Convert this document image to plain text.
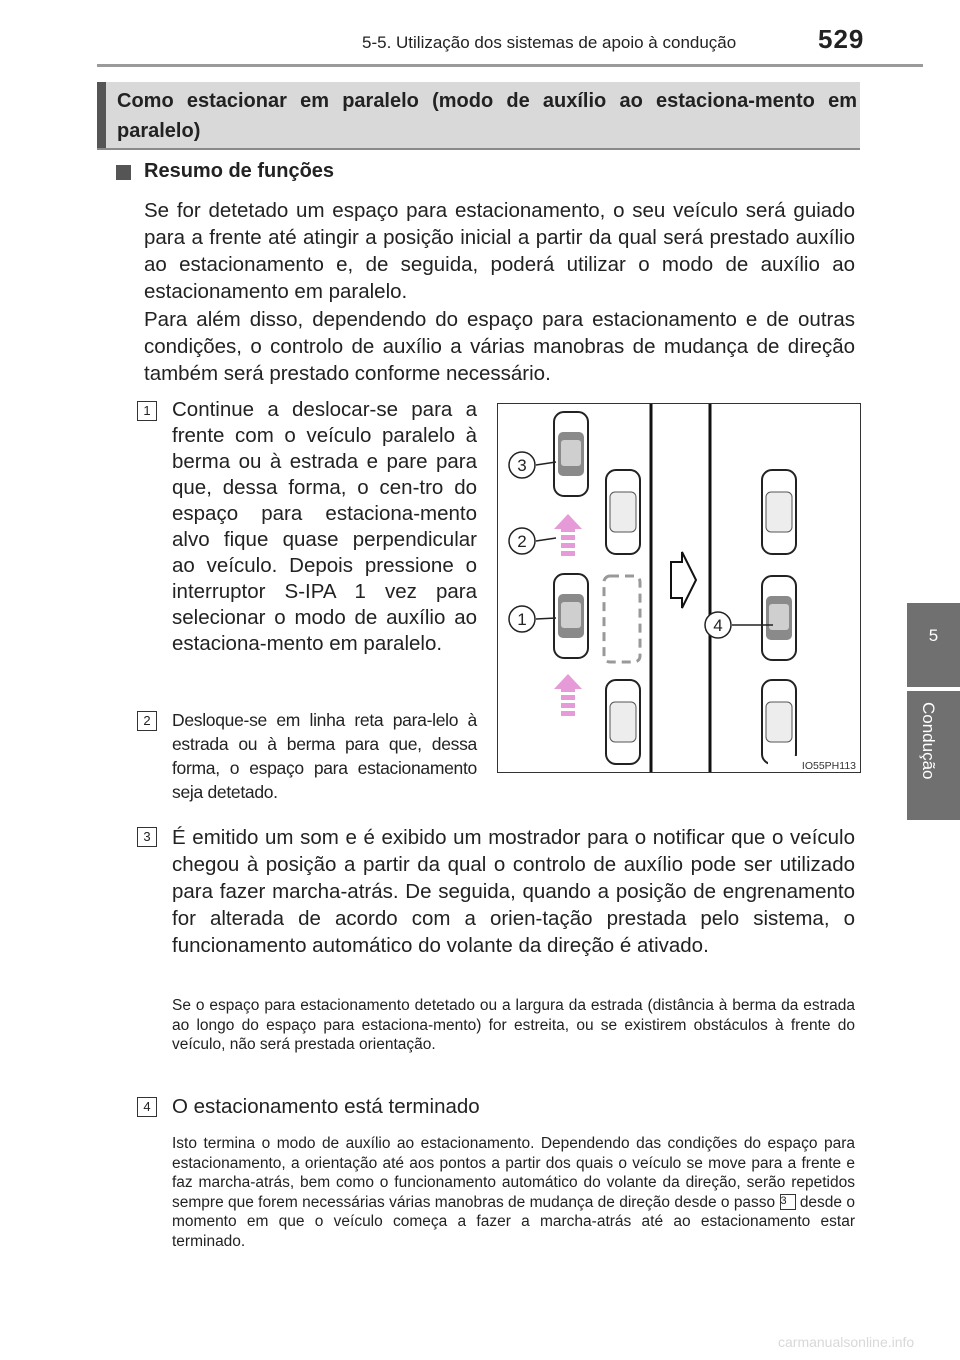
5-5. Utilização dos sistemas de apoio à condução	529
5
Condução
Como estacionar em paralelo (modo de auxílio ao estaciona-mento em paralelo)
Resumo de funções
Se for detetado um espaço para estacionamento, o seu veículo será guiado para a frente até atingir a posição inicial a partir da qual será prestado auxílio ao estacionamento e, de seguida, poderá utilizar o modo de auxílio ao estacionamento em paralelo.
Para além disso, dependendo do espaço para estacionamento e de outras condições, o controlo de auxílio a várias manobras de mudança de direção também será prestado conforme necessário.
1	Continue a deslocar-se para a frente com o veículo paralelo à berma ou à estrada e pare para que, dessa forma, o cen-tro do espaço para estaciona-mento alvo fique quase perpendicular ao veículo. Depois pressione o interruptor S-IPA 1 vez para selecionar o modo de auxílio ao estaciona-mento em paralelo.
2	Desloque-se em linha reta para-lelo à estrada ou à berma para que, dessa forma, o espaço para estacionamento seja detetado.
3
2
1	4
IO55PH113
3	É emitido um som e é exibido um mostrador para o notificar que o veículo chegou à posição a partir da qual o controlo de auxílio pode ser utilizado para fazer marcha-atrás. De seguida, quando a posição de engrenamento for alterada de acordo com a orien-tação prestada pelo sistema, o funcionamento automático do volante da direção é ativado.
Se o espaço para estacionamento detetado ou a largura da estrada (distância à berma da estrada ao longo do espaço para estaciona-mento) for estreita, ou se existirem obstáculos à frente do veículo, não será prestada orientação.
4	O estacionamento está terminado
Isto termina o modo de auxílio ao estacionamento. Dependendo das condições do espaço para estacionamento, a orientação até aos pontos a partir dos quais o veículo se move para a frente e faz marcha-atrás, bem como o funcionamento automático do volante da direção, serão repetidos sempre que forem necessárias várias manobras de mudança de direção desde o passo 3 desde o momento em que o veículo começa a fazer a marcha-atrás até ao estacionamento estar terminado.
carmanualsonline.info
